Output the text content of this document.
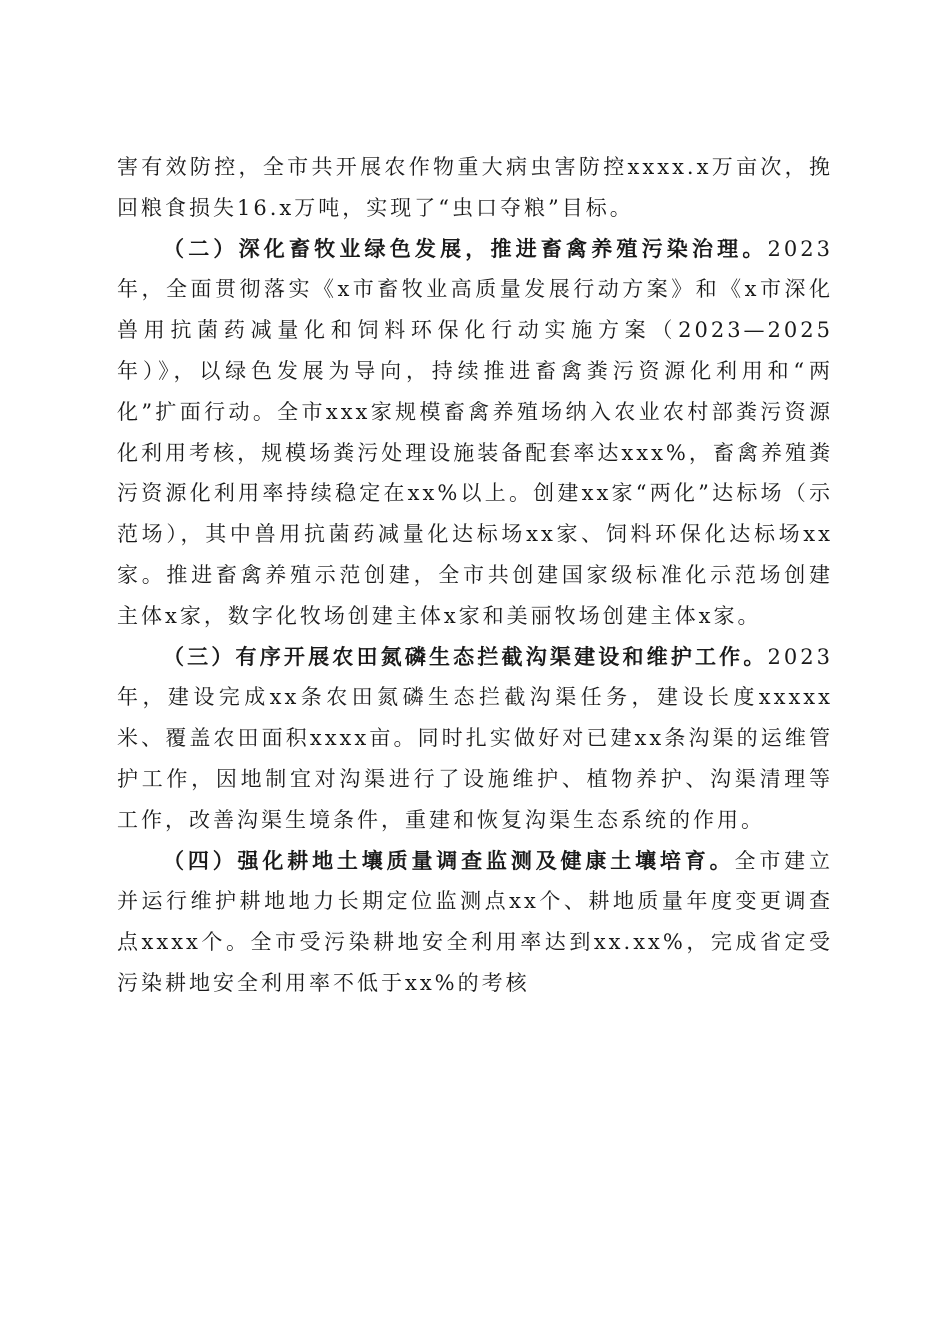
害有效防控，全市共开展农作物重大病虫害防控xxxx.x万亩次，挽回粮食损失16.x万吨，实现了“虫口夺粮”目标。

（二）深化畜牧业绿色发展，推进畜禽养殖污染治理。2023年，全面贯彻落实《x市畜牧业高质量发展行动方案》和《x市深化兽用抗菌药减量化和饲料环保化行动实施方案（2023—2025年）》，以绿色发展为导向，持续推进畜禽粪污资源化利用和“两化”扩面行动。全市xxx家规模畜禽养殖场纳入农业农村部粪污资源化利用考核，规模场粪污处理设施装备配套率达xxx%，畜禽养殖粪污资源化利用率持续稳定在xx%以上。创建xx家“两化”达标场（示范场），其中兽用抗菌药减量化达标场xx家、饲料环保化达标场xx家。推进畜禽养殖示范创建，全市共创建国家级标准化示范场创建主体x家，数字化牧场创建主体x家和美丽牧场创建主体x家。

（三）有序开展农田氮磷生态拦截沟渠建设和维护工作。2023年，建设完成xx条农田氮磷生态拦截沟渠任务，建设长度xxxxx米、覆盖农田面积xxxx亩。同时扎实做好对已建xx条沟渠的运维管护工作，因地制宜对沟渠进行了设施维护、植物养护、沟渠清理等工作，改善沟渠生境条件，重建和恢复沟渠生态系统的作用。

（四）强化耕地土壤质量调查监测及健康土壤培育。全市建立并运行维护耕地地力长期定位监测点xx个、耕地质量年度变更调查点xxxx个。全市受污染耕地安全利用率达到xx.xx%，完成省定受污染耕地安全利用率不低于xx%的考核
